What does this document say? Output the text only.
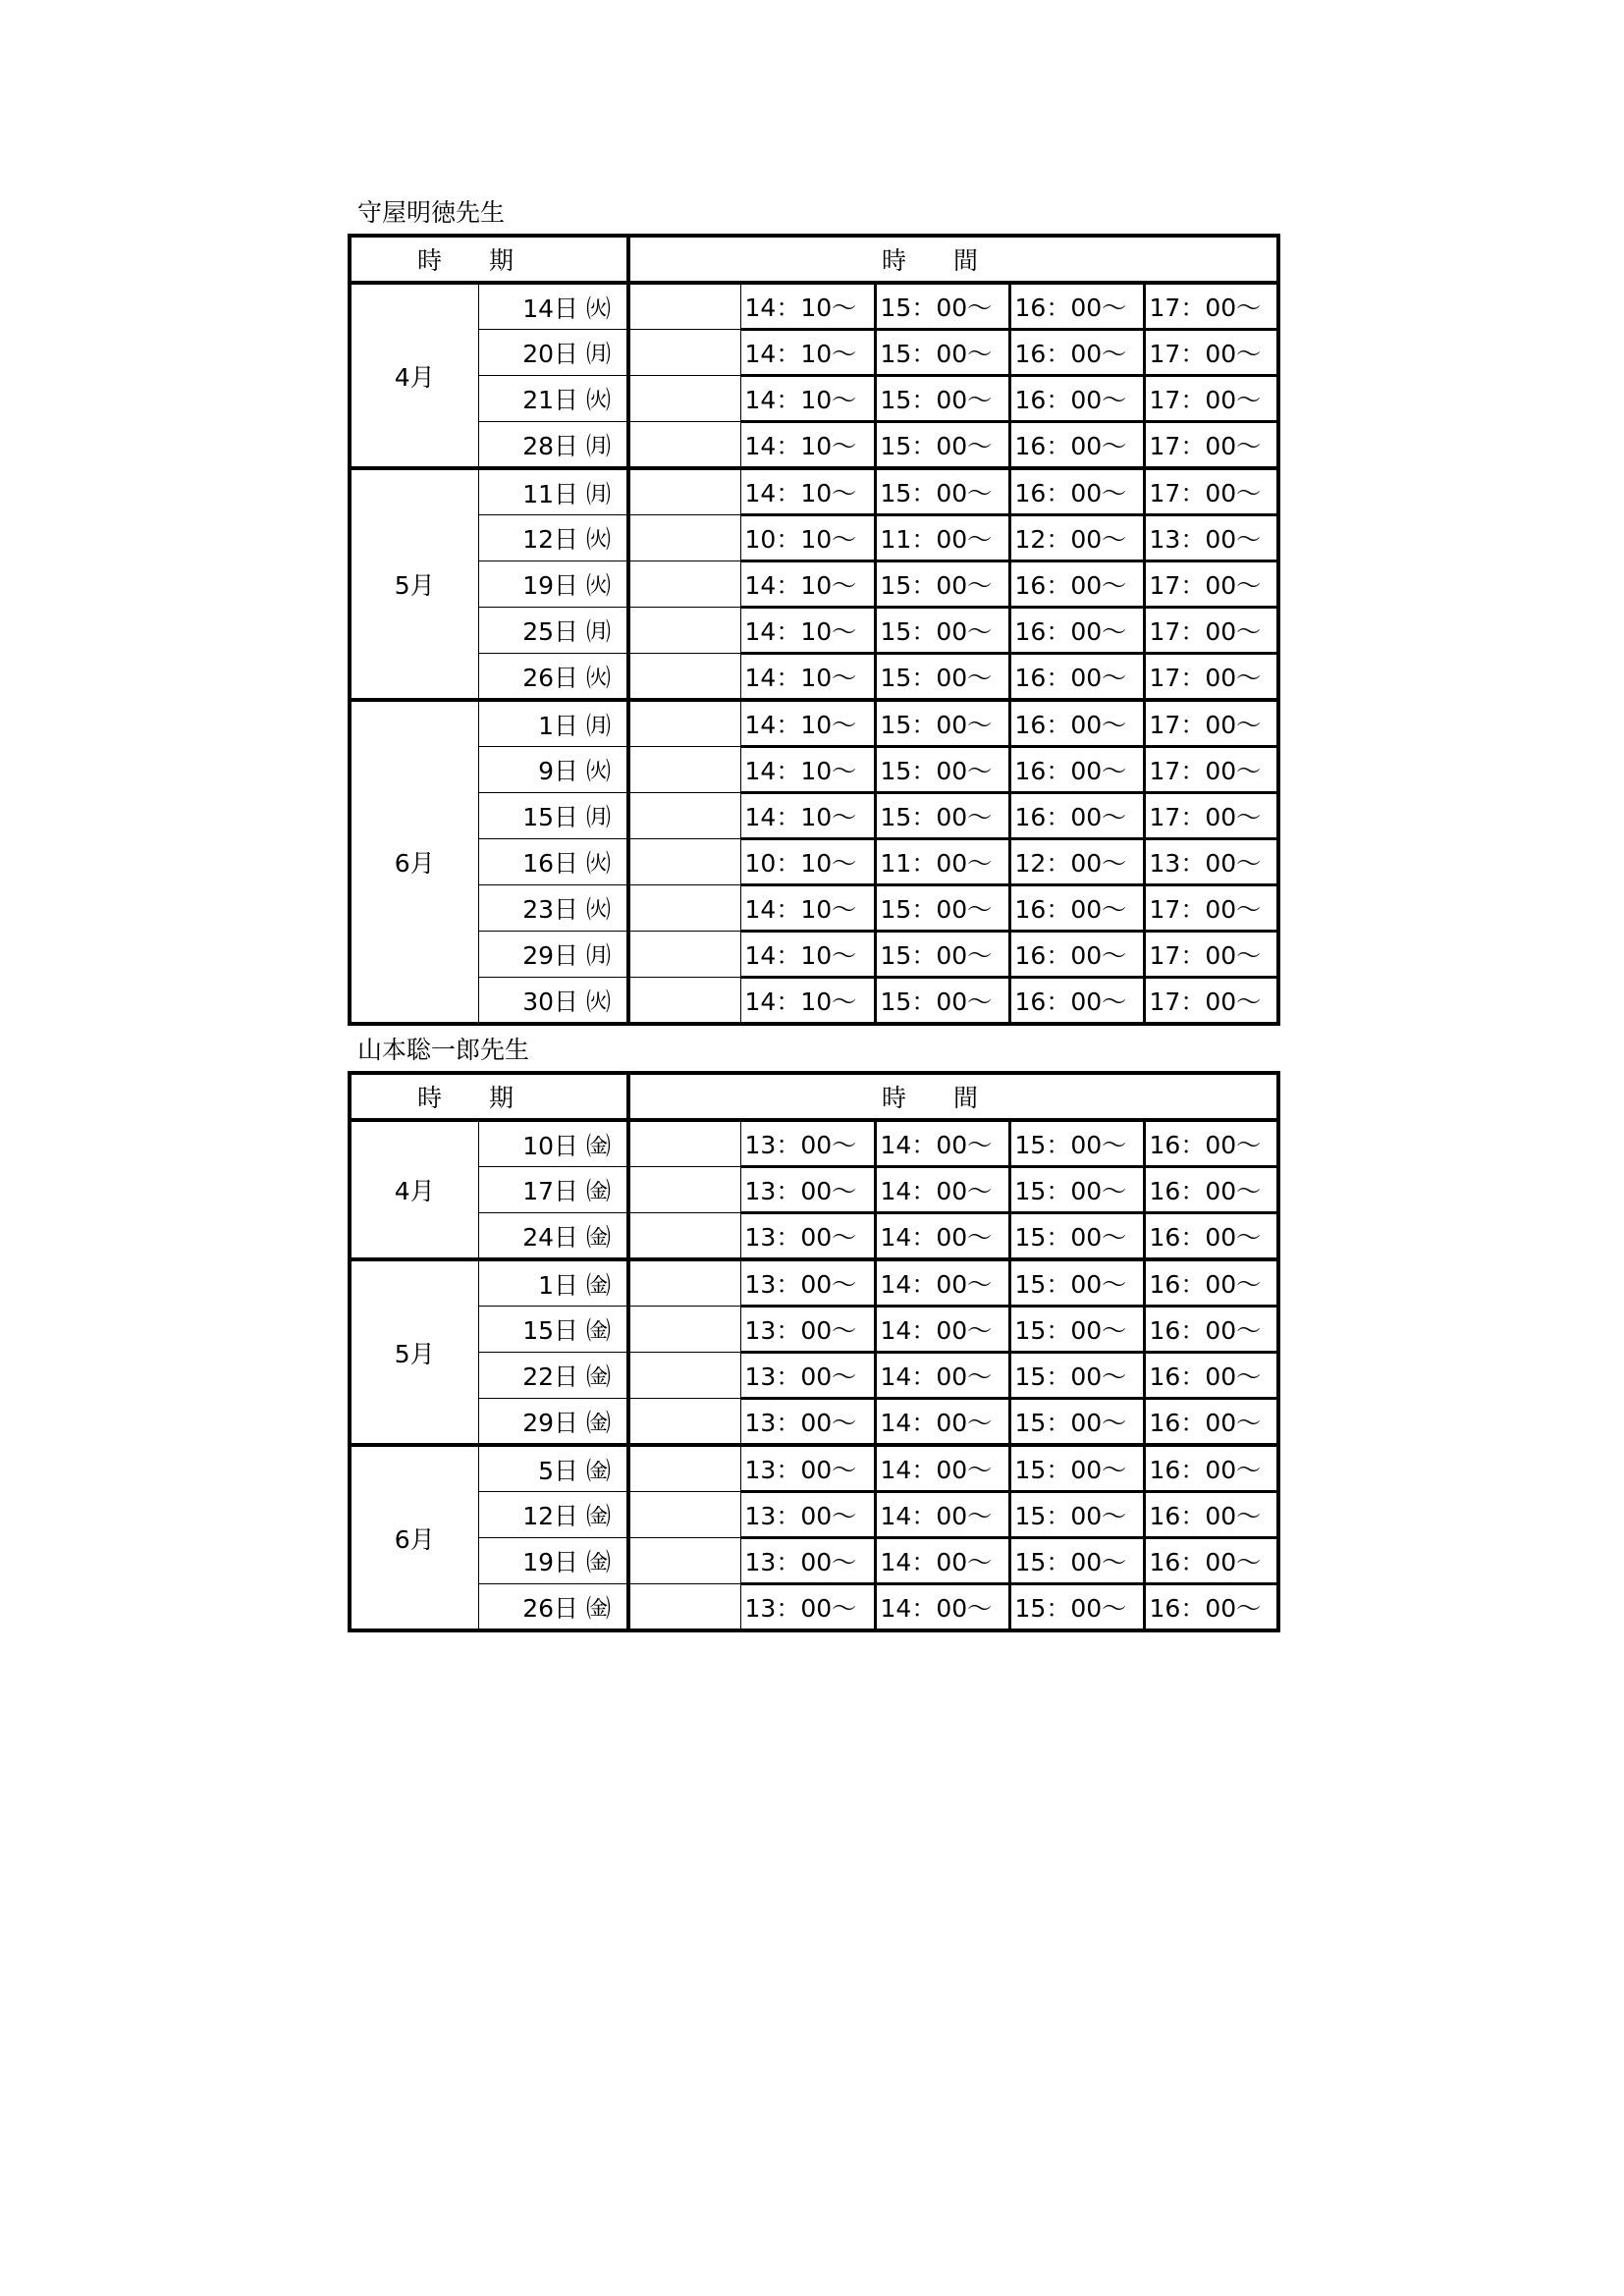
守屋明徳先生
時期		時間				
4月	14日 ㈫		14：10～	15：00～	16：00～	17：00～
	20日 ㈪		14：10～	15：00～	16：00～	17：00～
	21日 ㈫		14：10～	15：00～	16：00～	17：00～
	28日 ㈪		14：10～	15：00～	16：00～	17：00～
5月	11日 ㈪		14：10～	15：00～	16：00～	17：00～
	12日 ㈫		10：10～	11：00～	12：00～	13：00～
	19日 ㈫		14：10～	15：00～	16：00～	17：00～
	25日 ㈪		14：10～	15：00～	16：00～	17：00～
	26日 ㈫		14：10～	15：00～	16：00～	17：00～
6月	1日 ㈪		14：10～	15：00～	16：00～	17：00～
	9日 ㈫		14：10～	15：00～	16：00～	17：00～
	15日 ㈪		14：10～	15：00～	16：00～	17：00～
	16日 ㈫		10：10～	11：00～	12：00～	13：00～
	23日 ㈫		14：10～	15：00～	16：00～	17：00～
	29日 ㈪		14：10～	15：00～	16：00～	17：00～
	30日 ㈫		14：10～	15：00～	16：00～	17：00～
山本聡一郎先生
時期		時間				
4月	10日 ㈮		13：00～	14：00～	15：00～	16：00～
	17日 ㈮		13：00～	14：00～	15：00～	16：00～
	24日 ㈮		13：00～	14：00～	15：00～	16：00～
5月	1日 ㈮		13：00～	14：00～	15：00～	16：00～
	15日 ㈮		13：00～	14：00～	15：00～	16：00～
	22日 ㈮		13：00～	14：00～	15：00～	16：00～
	29日 ㈮		13：00～	14：00～	15：00～	16：00～
6月	5日 ㈮		13：00～	14：00～	15：00～	16：00～
	12日 ㈮		13：00～	14：00～	15：00～	16：00～
	19日 ㈮		13：00～	14：00～	15：00～	16：00～
	26日 ㈮		13：00～	14：00～	15：00～	16：00～
